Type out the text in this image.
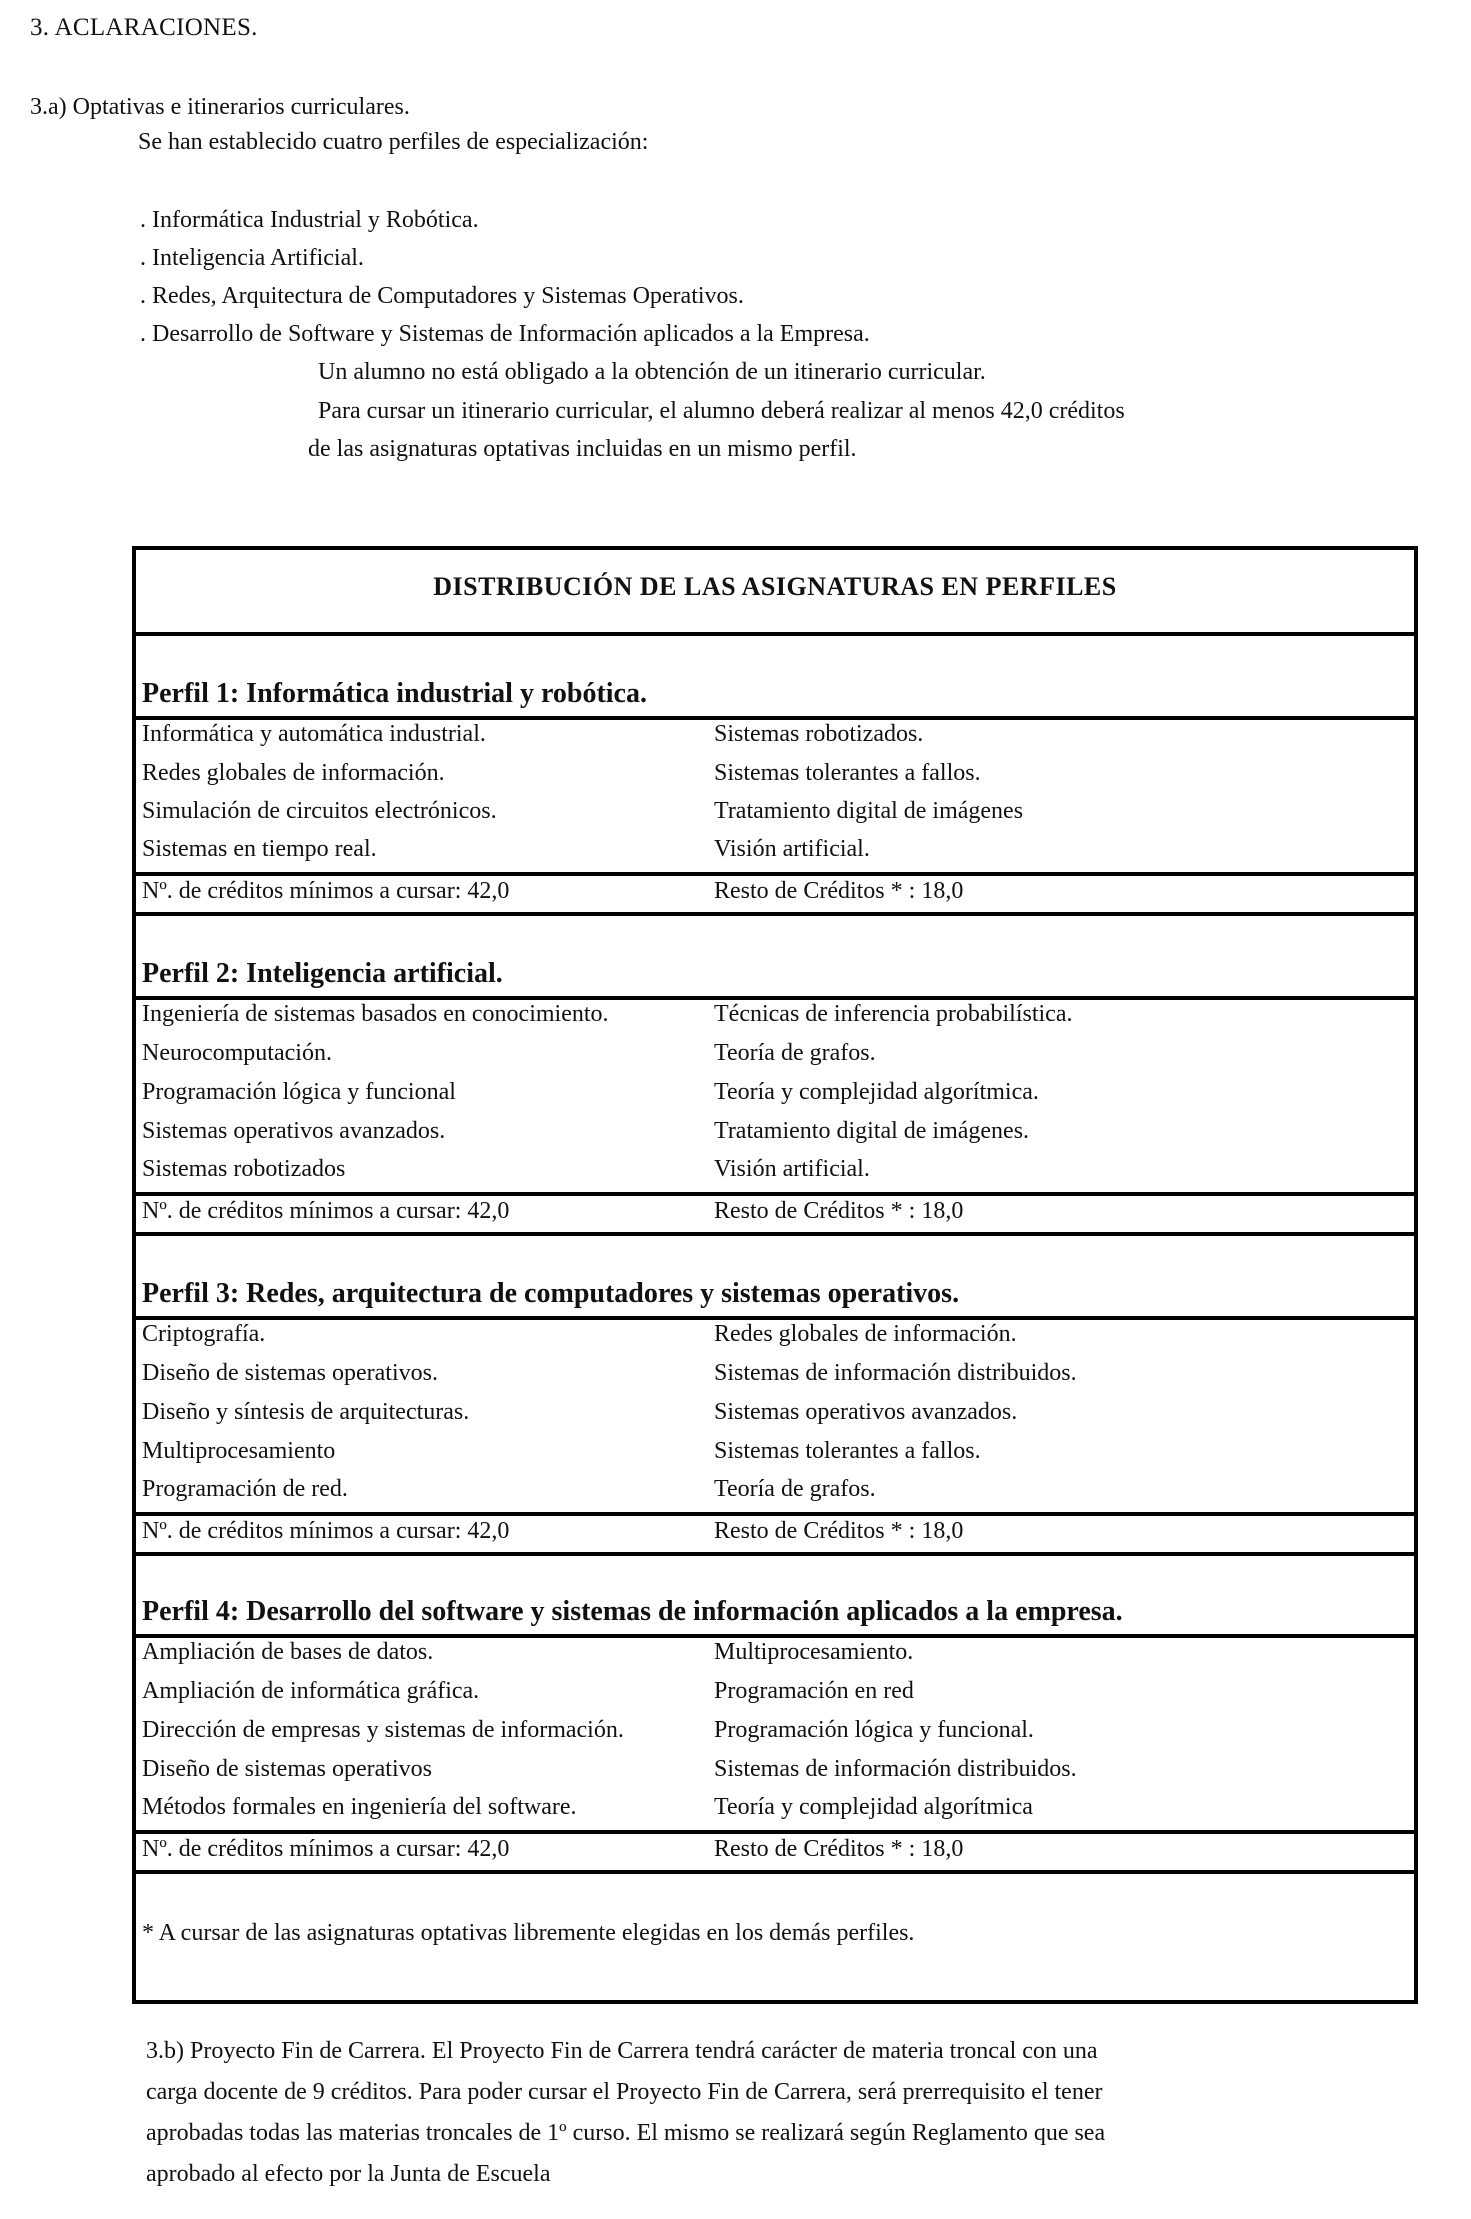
3. ACLARACIONES.
3.a) Optativas e itinerarios curriculares.
Se han establecido cuatro perfiles de especialización:
. Informática Industrial y Robótica.
. Inteligencia Artificial.
. Redes, Arquitectura de Computadores y Sistemas Operativos.
. Desarrollo de Software y Sistemas de Información aplicados a la Empresa.
Un alumno no está obligado a la obtención de un itinerario curricular.
Para cursar un itinerario curricular, el alumno deberá realizar al menos 42,0 créditos
de las asignaturas optativas incluidas en un mismo perfil.
DISTRIBUCIÓN DE LAS ASIGNATURAS EN PERFILES
Perfil 1: Informática industrial y robótica.
Informática y automática industrial.	Sistemas robotizados.
Redes globales de información.	Sistemas tolerantes a fallos.
Simulación de circuitos electrónicos.	Tratamiento digital de imágenes
Sistemas en tiempo real.	Visión artificial.
Nº. de créditos mínimos a cursar: 42,0	Resto de Créditos * : 18,0
Perfil 2: Inteligencia artificial.
Ingeniería de sistemas basados en conocimiento.	Técnicas de inferencia probabilística.
Neurocomputación.	Teoría de grafos.
Programación lógica y funcional	Teoría y complejidad algorítmica.
Sistemas operativos avanzados.	Tratamiento digital de imágenes.
Sistemas robotizados	Visión artificial.
Nº. de créditos mínimos a cursar: 42,0	Resto de Créditos * : 18,0
Perfil 3: Redes, arquitectura de computadores y sistemas operativos.
Criptografía.	Redes globales de información.
Diseño de sistemas operativos.	Sistemas de información distribuidos.
Diseño y síntesis de arquitecturas.	Sistemas operativos avanzados.
Multiprocesamiento	Sistemas tolerantes a fallos.
Programación de red.	Teoría de grafos.
Nº. de créditos mínimos a cursar: 42,0	Resto de Créditos * : 18,0
Perfil 4: Desarrollo del software y sistemas de información aplicados a la empresa.
Ampliación de bases de datos.	Multiprocesamiento.
Ampliación de informática gráfica.	Programación en red
Dirección de empresas y sistemas de información.	Programación lógica y funcional.
Diseño de sistemas operativos	Sistemas de información distribuidos.
Métodos formales en ingeniería del software.	Teoría y complejidad algorítmica
Nº. de créditos mínimos a cursar: 42,0	Resto de Créditos * : 18,0
* A cursar de las asignaturas optativas libremente elegidas en los demás perfiles.
3.b) Proyecto Fin de Carrera. El Proyecto Fin de Carrera tendrá carácter de materia troncal con una
carga docente de 9 créditos. Para poder cursar el Proyecto Fin de Carrera, será prerrequisito el tener
aprobadas todas las materias troncales de 1º curso. El mismo se realizará según Reglamento que sea
aprobado al efecto por la Junta de Escuela
